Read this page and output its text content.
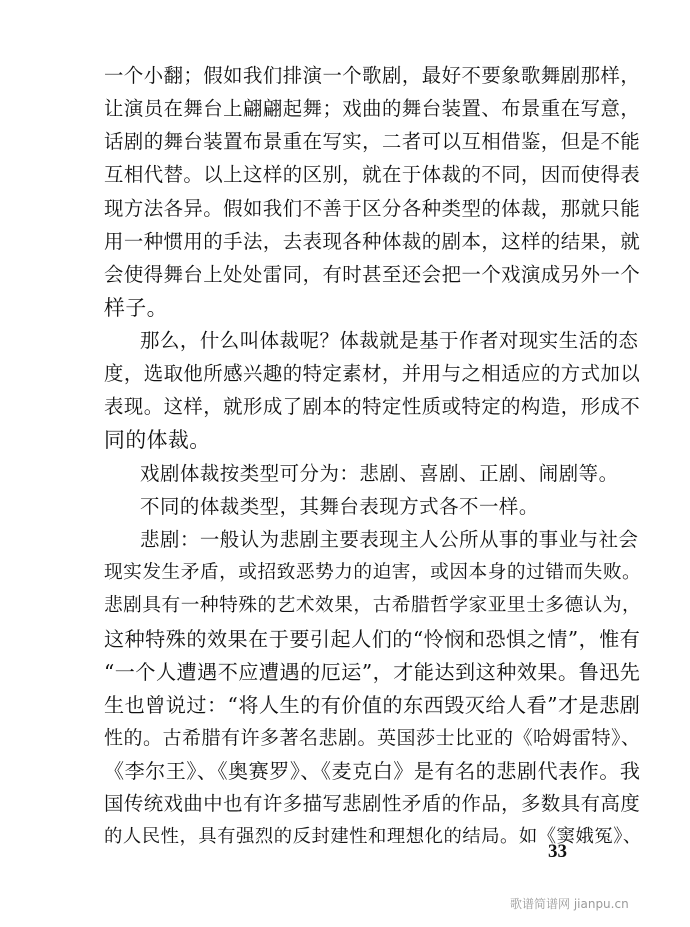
一个小翻；假如我们排演一个歌剧，最好不要象歌舞剧那样，
让演员在舞台上翩翩起舞；戏曲的舞台装置、布景重在写意，
话剧的舞台装置布景重在写实，二者可以互相借鉴，但是不能
互相代替。以上这样的区别，就在于体裁的不同，因而使得表
现方法各异。假如我们不善于区分各种类型的体裁，那就只能
用一种惯用的手法，去表现各种体裁的剧本，这样的结果，就
会使得舞台上处处雷同，有时甚至还会把一个戏演成另外一个
样子。
那么，什么叫体裁呢？体裁就是基于作者对现实生活的态
度，选取他所感兴趣的特定素材，并用与之相适应的方式加以
表现。这样，就形成了剧本的特定性质或特定的构造，形成不
同的体裁。
戏剧体裁按类型可分为：悲剧、喜剧、正剧、闹剧等。
不同的体裁类型，其舞台表现方式各不一样。
悲剧：一般认为悲剧主要表现主人公所从事的事业与社会
现实发生矛盾，或招致恶势力的迫害，或因本身的过错而失败。
悲剧具有一种特殊的艺术效果，古希腊哲学家亚里士多德认为，
这种特殊的效果在于要引起人们的“怜悯和恐惧之情”，惟有
“一个人遭遇不应遭遇的厄运”，才能达到这种效果。鲁迅先
生也曾说过：“将人生的有价值的东西毁灭给人看”才是悲剧
性的。古希腊有许多著名悲剧。英国莎士比亚的《哈姆雷特》、
《李尔王》、《奥赛罗》、《麦克白》是有名的悲剧代表作。我
国传统戏曲中也有许多描写悲剧性矛盾的作品，多数具有高度
的人民性，具有强烈的反封建性和理想化的结局。如《窦娥冤》、
33
歌谱简谱网 jianpu.cn
